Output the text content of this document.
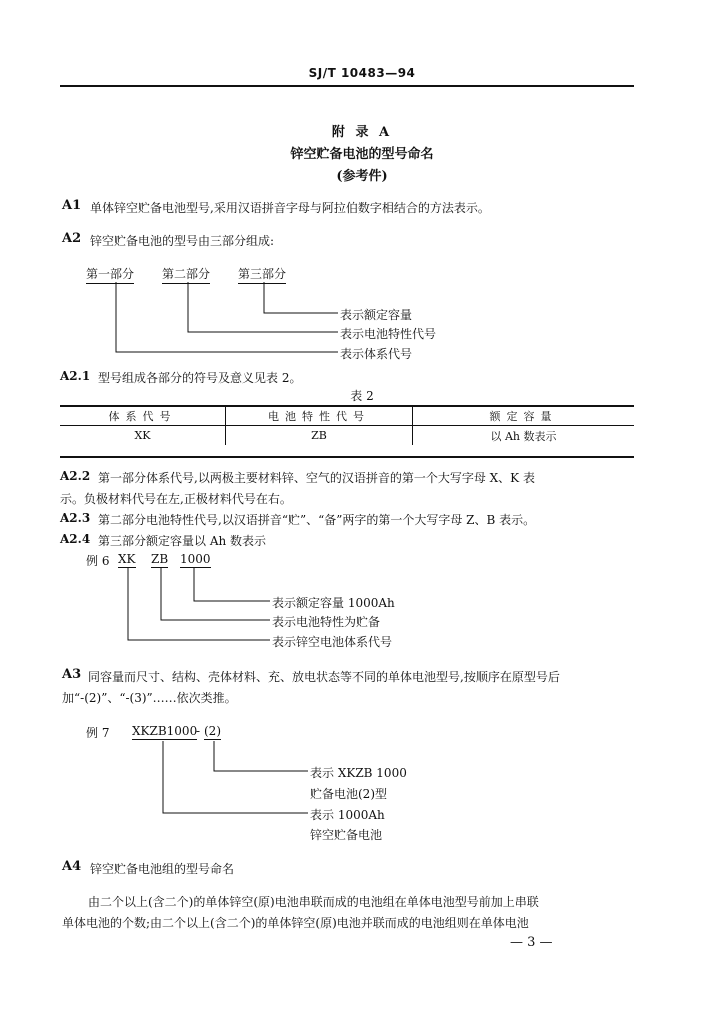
SJ/T 10483—94
附 录 A
锌空贮备电池的型号命名
(参考件)
A1 单体锌空贮备电池型号,采用汉语拼音字母与阿拉伯数字相结合的方法表示。
A2 锌空贮备电池的型号由三部分组成:
第一部分 第二部分 第三部分
表示额定容量
表示电池特性代号
表示体系代号
A2.1 型号组成各部分的符号及意义见表 2。
表 2
体系代号	电池特性代号	额定容量
XK	ZB	以 Ah 数表示
A2.2 第一部分体系代号,以两极主要材料锌、空气的汉语拼音的第一个大写字母 X、K 表
示。负极材料代号在左,正极材料代号在右。
A2.3 第二部分电池特性代号,以汉语拼音“贮”、“备”两字的第一个大写字母 Z、B 表示。
A2.4 第三部分额定容量以 Ah 数表示
例 6 XK ZB 1000
表示额定容量 1000Ah
表示电池特性为贮备
表示锌空电池体系代号
A3 同容量而尺寸、结构、壳体材料、充、放电状态等不同的单体电池型号,按顺序在原型号后
加“-(2)”、“-(3)”……依次类推。
例 7 XKZB1000
- (2)
表示 XKZB 1000
贮备电池(2)型
表示 1000Ah
锌空贮备电池
A4 锌空贮备电池组的型号命名
由二个以上(含二个)的单体锌空(原)电池串联而成的电池组在单体电池型号前加上串联
单体电池的个数;由二个以上(含二个)的单体锌空(原)电池并联而成的电池组则在单体电池
— 3 —
